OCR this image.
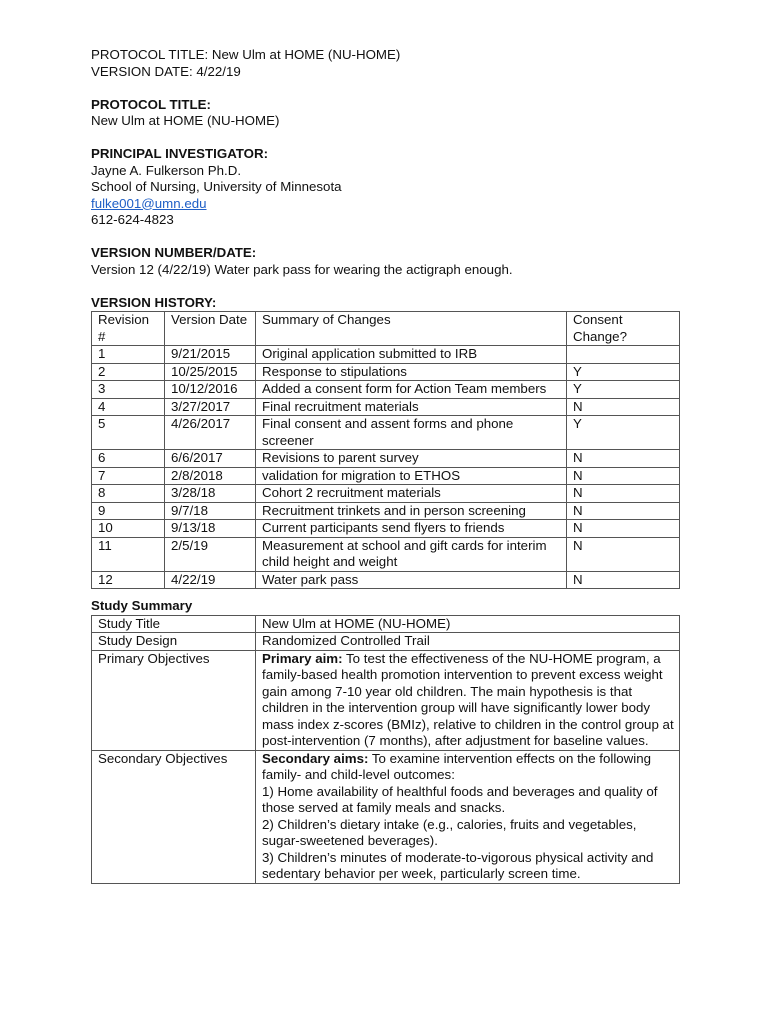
PROTOCOL TITLE: New Ulm at HOME (NU-HOME)

VERSION DATE: 4/22/19

PROTOCOL TITLE:

New Ulm at HOME (NU-HOME)

PRINCIPAL INVESTIGATOR:

Jayne A. Fulkerson Ph.D.

School of Nursing, University of Minnesota

fulke001@umn.edu

612-624-4823

VERSION NUMBER/DATE:

Version 12 (4/22/19) Water park pass for wearing the actigraph enough.

VERSION HISTORY:

Revision #	Version Date	Summary of Changes	Consent Change?
1	9/21/2015	Original application submitted to IRB	
2	10/25/2015	Response to stipulations	Y
3	10/12/2016	Added a consent form for Action Team members	Y
4	3/27/2017	Final recruitment materials	N
5	4/26/2017	Final consent and assent forms and phone screener	Y
6	6/6/2017	Revisions to parent survey	N
7	2/8/2018	validation for migration to ETHOS	N
8	3/28/18	Cohort 2 recruitment materials	N
9	9/7/18	Recruitment trinkets and in person screening	N
10	9/13/18	Current participants send flyers to friends	N
11	2/5/19	Measurement at school and gift cards for interim child height and weight	N
12	4/22/19	Water park pass	N

Study Summary

Study Title	New Ulm at HOME (NU-HOME)
Study Design	Randomized Controlled Trail
Primary Objectives	Primary aim: To test the effectiveness of the NU-HOME program, a family-based health promotion intervention to prevent excess weight gain among 7-10 year old children. The main hypothesis is that children in the intervention group will have significantly lower body mass index z-scores (BMIz), relative to children in the control group at post-intervention (7 months), after adjustment for baseline values.
Secondary Objectives	Secondary aims: To examine intervention effects on the following family- and child-level outcomes:

1) Home availability of healthful foods and beverages and quality of those served at family meals and snacks.

2) Children’s dietary intake (e.g., calories, fruits and vegetables, sugar-sweetened beverages).

3) Children’s minutes of moderate-to-vigorous physical activity and sedentary behavior per week, particularly screen time.
